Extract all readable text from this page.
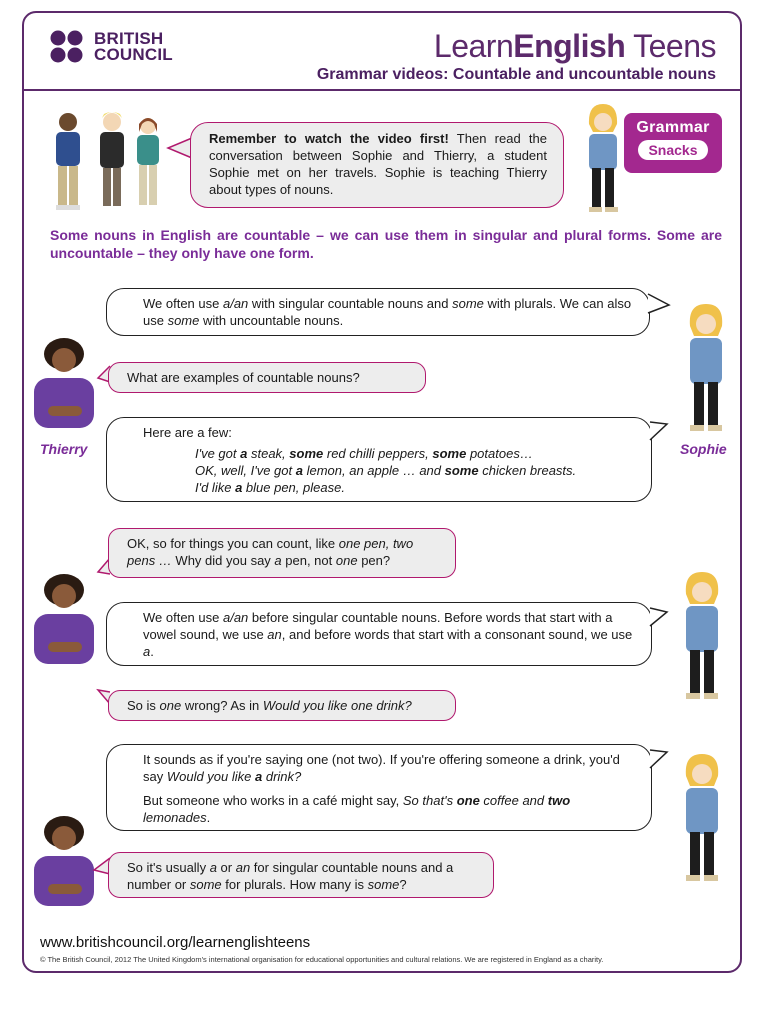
BRITISH
COUNCIL	LearnEnglish Teens
Grammar videos: Countable and uncountable nouns
Remember to watch the video first! Then read the conversation between Sophie and Thierry, a student Sophie met on her travels. Sophie is teaching Thierry about types of nouns.
Grammar
Snacks
Some nouns in English are countable – we can use them in singular and plural forms. Some are uncountable – they only have one form.
Thierry	Sophie

We often use a/an with singular countable nouns and some with plurals. We can also use some with uncountable nouns.

What are examples of countable nouns?

Here are a few:

I've got a steak, some red chilli peppers, some potatoes…

OK, well, I've got a lemon, an apple … and some chicken breasts.

I'd like a blue pen, please.

OK, so for things you can count, like one pen, two pens … Why did you say a pen, not one pen?

We often use a/an before singular countable nouns. Before words that start with a vowel sound, we use an, and before words that start with a consonant sound, we use a.

So is one wrong? As in Would you like one drink?

It sounds as if you're saying one (not two). If you're offering someone a drink, you'd say Would you like a drink?

But someone who works in a café might say, So that's one coffee and two lemonades.

So it's usually a or an for singular countable nouns and a number or some for plurals. How many is some?

www.britishcouncil.org/learnenglishteens
© The British Council, 2012 The United Kingdom's international organisation for educational opportunities and cultural relations. We are registered in England as a charity.
